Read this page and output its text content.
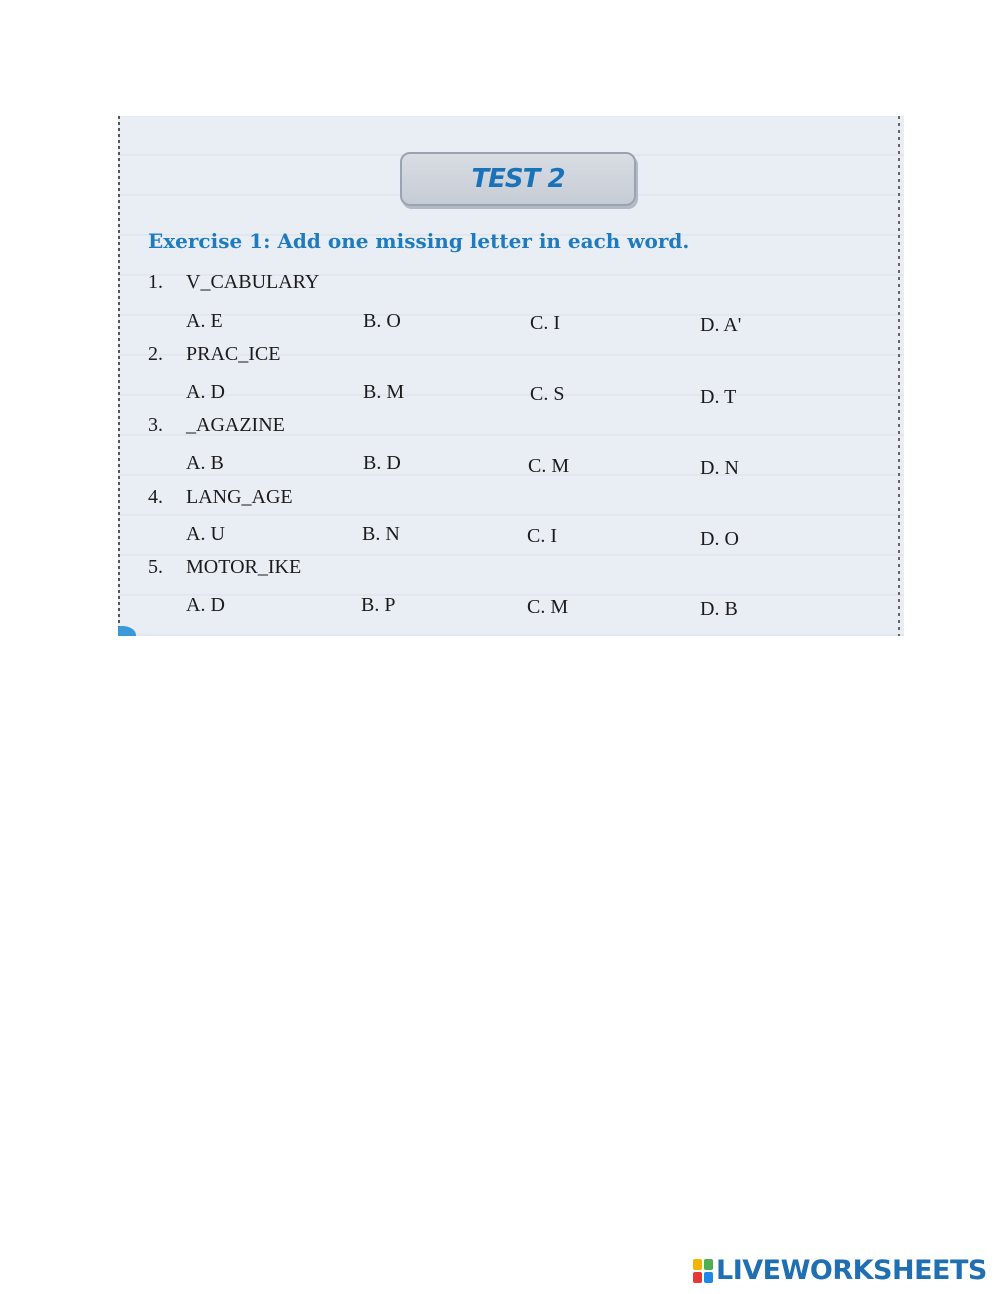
TEST 2
Exercise 1: Add one missing letter in each word.
1. V_CABULARY
A. E	B. O	C. I	D. A'
2. PRAC_ICE
A. D	B. M	C. S	D. T
3. _AGAZINE
A. B	B. D	C. M	D. N
4. LANG_AGE
A. U	B. N	C. I	D. O
5. MOTOR_IKE
A. D	B. P	C. M	D. B
LIVEWORKSHEETS
